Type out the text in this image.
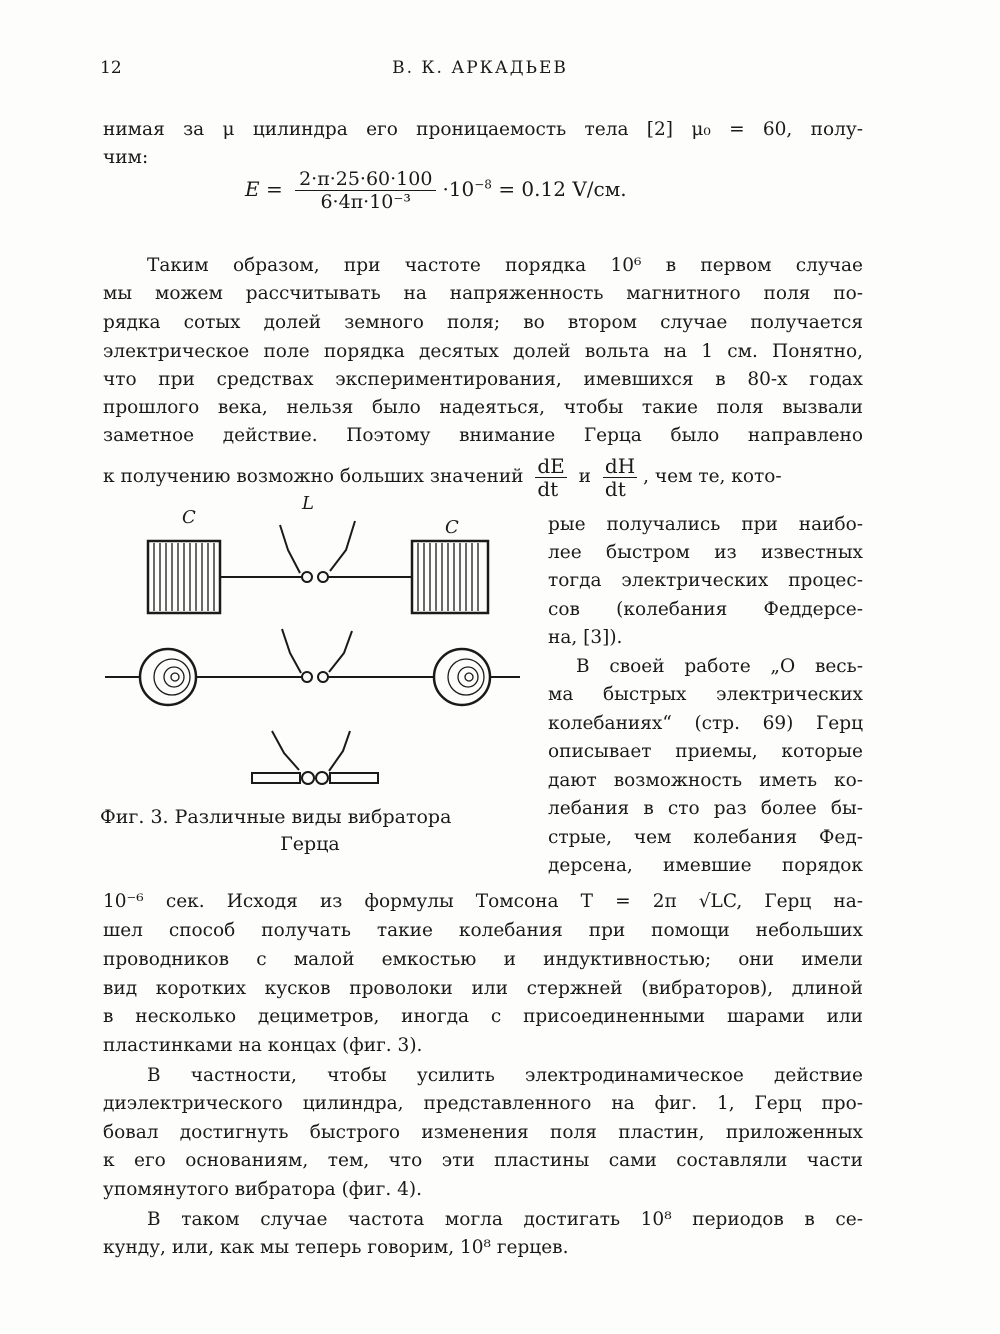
12	В. К. АРКАДЬЕВ
нимая за μ цилиндра его проницаемость тела [2] μ₀ = 60, полу-
чим:
$E = \frac{2\cdot\pi\cdot 25\cdot 60\cdot 100}{\text{6·4π·10⁻³}} \cdot 10^{-8} = 0.12$ V/см.
Таким образом, при частоте порядка 10⁶ в первом случае
мы можем рассчитывать на напряженность магнитного поля по-
рядка сотых долей земного поля; во втором случае получается
электрическое поле порядка десятых долей вольта на 1 см. Понятно,
что при средствах экспериментирования, имевшихся в 80-х годах
прошлого века, нельзя было надеяться, чтобы такие поля вызвали
заметное действие. Поэтому внимание Герца было направлено
к получению возможно больших значений $\frac{dE}{dt}$ и $\frac{dH}{dt}$ , чем те, кото-
рые получались при наибо-
лее быстром из известных
тогда электрических процес-
сов (колебания Феддерсе-
на, [3]).
В своей работе „О весь-
ма быстрых электрических
колебаниях“ (стр. 69) Герц
описывает приемы, которые
дают возможность иметь ко-
лебания в сто раз более бы-
стрые, чем колебания Фед-
дерсена, имевшие порядок
C
L
C
Фиг. 3. Различные виды вибратора
Герца
10⁻⁶ сек. Исходя из формулы Томсона T = 2π √LC, Герц на-
шел способ получать такие колебания при помощи небольших
проводников с малой емкостью и индуктивностью; они имели
вид коротких кусков проволоки или стержней (вибраторов), длиной
в несколько дециметров, иногда с присоединенными шарами или
пластинками на концах (фиг. 3).
В частности, чтобы усилить электродинамическое действие
диэлектрического цилиндра, представленного на фиг. 1, Герц про-
бовал достигнуть быстрого изменения поля пластин, приложенных
к его основаниям, тем, что эти пластины сами составляли части
упомянутого вибратора (фиг. 4).
В таком случае частота могла достигать 10⁸ периодов в се-
кунду, или, как мы теперь говорим, 10⁸ герцев.
